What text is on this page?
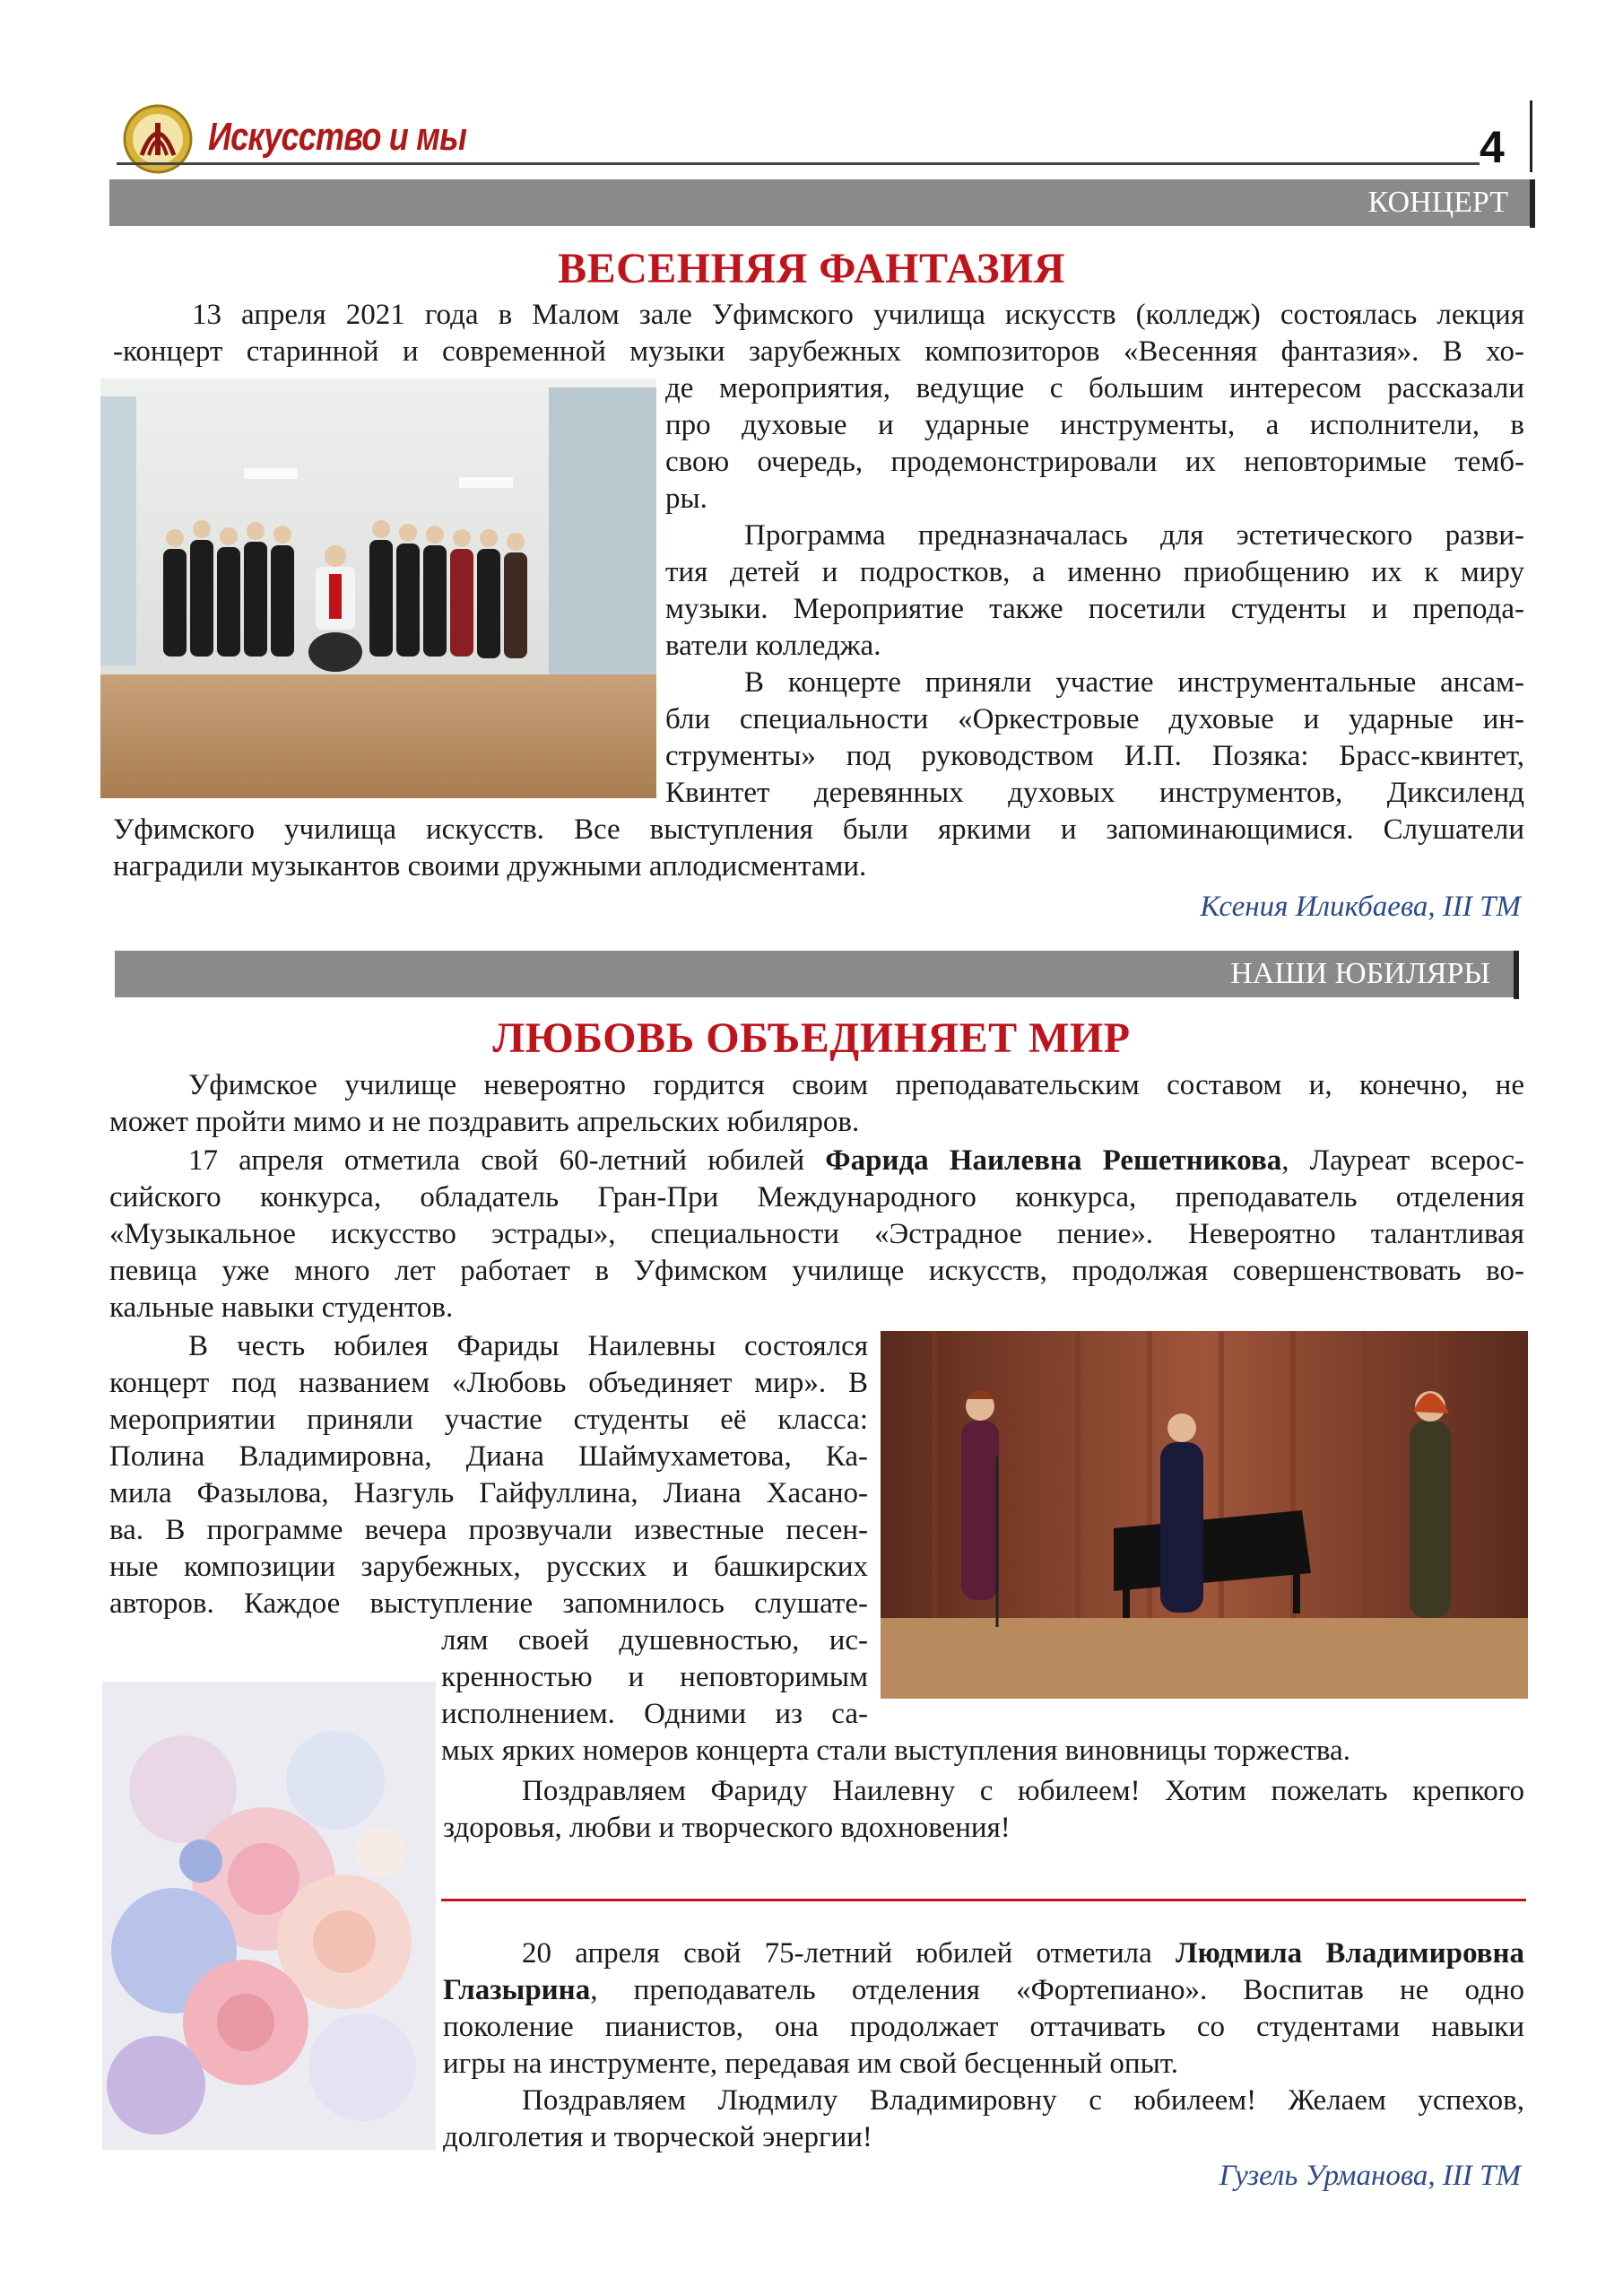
Искусство и мы	4
КОНЦЕРТ
ВЕСЕННЯЯ ФАНТАЗИЯ
13 апреля 2021 года в Малом зале Уфимского училища искусств (колледж) состоялась лекция
-концерт старинной и современной музыки зарубежных композиторов «Весенняя фантазия». В хо-
де мероприятия, ведущие с большим интересом рассказали
про духовые и ударные инструменты, а исполнители, в
свою очередь, продемонстрировали их неповторимые темб-
ры.
Программа предназначалась для эстетического разви-
тия детей и подростков, а именно приобщению их к миру
музыки. Мероприятие также посетили студенты и препода-
ватели колледжа.
В концерте приняли участие инструментальные ансам-
бли специальности «Оркестровые духовые и ударные ин-
струменты» под руководством И.П. Позяка: Брасс-квинтет,
Квинтет деревянных духовых инструментов, Диксиленд
Уфимского училища искусств. Все выступления были яркими и запоминающимися. Слушатели
наградили музыкантов своими дружными аплодисментами.
Ксения Иликбаева, III ТМ
НАШИ ЮБИЛЯРЫ
ЛЮБОВЬ ОБЪЕДИНЯЕТ МИР
Уфимское училище невероятно гордится своим преподавательским составом и, конечно, не
может пройти мимо и не поздравить апрельских юбиляров.
17 апреля отметила свой 60-летний юбилей Фарида Наилевна Решетникова, Лауреат всерос-
сийского конкурса, обладатель Гран-При Международного конкурса, преподаватель отделения
«Музыкальное искусство эстрады», специальности «Эстрадное пение». Невероятно талантливая
певица уже много лет работает в Уфимском училище искусств, продолжая совершенствовать во-
кальные навыки студентов.
В честь юбилея Фариды Наилевны состоялся
концерт под названием «Любовь объединяет мир». В
мероприятии приняли участие студенты её класса:
Полина Владимировна, Диана Шаймухаметова, Ка-
мила Фазылова, Назгуль Гайфуллина, Лиана Хасано-
ва. В программе вечера прозвучали известные песен-
ные композиции зарубежных, русских и башкирских
авторов. Каждое выступление запомнилось слушате-
лям своей душевностью, ис-
кренностью и неповторимым
исполнением. Одними из са-
мых ярких номеров концерта стали выступления виновницы торжества.
Поздравляем Фариду Наилевну с юбилеем! Хотим пожелать крепкого
здоровья, любви и творческого вдохновения!
20 апреля свой 75-летний юбилей отметила Людмила Владимировна
Глазырина, преподаватель отделения «Фортепиано». Воспитав не одно
поколение пианистов, она продолжает оттачивать со студентами навыки
игры на инструменте, передавая им свой бесценный опыт.
Поздравляем Людмилу Владимировну с юбилеем! Желаем успехов,
долголетия и творческой энергии!
Гузель Урманова, III ТМ
